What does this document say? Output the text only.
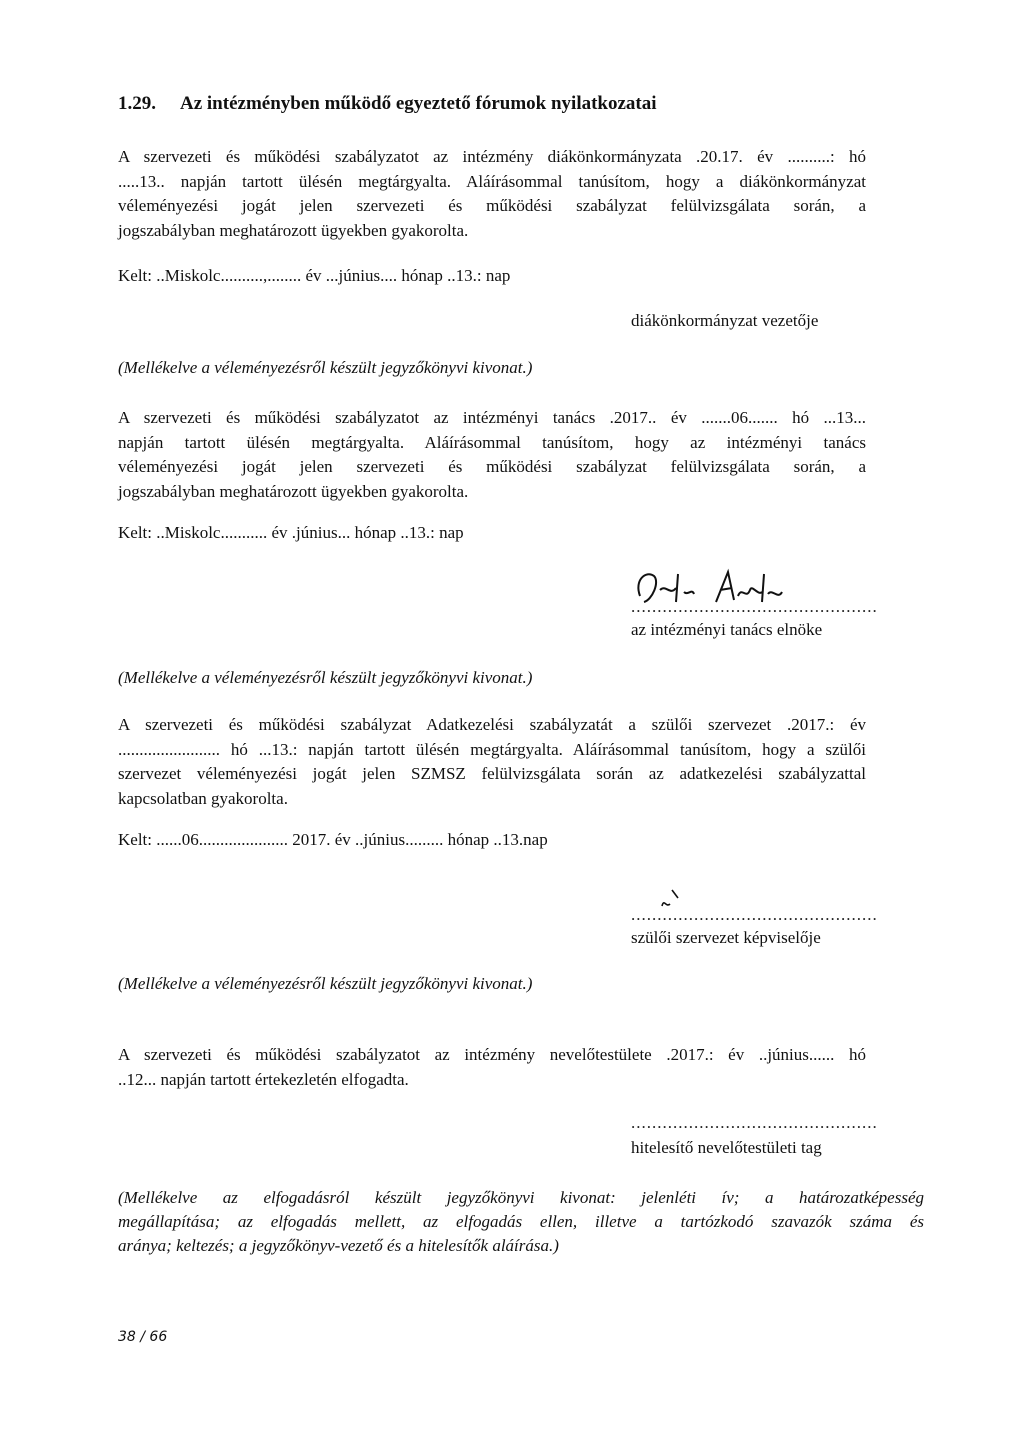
1.29. Az intézményben működő egyeztető fórumok nyilatkozatai
A szervezeti és működési szabályzatot az intézmény diákönkormányzata .20.17. év ..........: hó
.....13.. napján tartott ülésén megtárgyalta. Aláírásommal tanúsítom, hogy a diákönkormányzat
véleményezési jogát jelen szervezeti és működési szabályzat felülvizsgálata során, a
jogszabályban meghatározott ügyekben gyakorolta.
Kelt: ..Miskolc..........,........ év ...június.... hónap ..13.: nap
diákönkormányzat vezetője
(Mellékelve a véleményezésről készült jegyzőkönyvi kivonat.)
A szervezeti és működési szabályzatot az intézményi tanács .2017.. év .......06....... hó ...13...
napján tartott ülésén megtárgyalta. Aláírásommal tanúsítom, hogy az intézményi tanács
véleményezési jogát jelen szervezeti és működési szabályzat felülvizsgálata során, a
jogszabályban meghatározott ügyekben gyakorolta.
Kelt: ..Miskolc........... év .június... hónap ..13.: nap
...............................................
az intézményi tanács elnöke
(Mellékelve a véleményezésről készült jegyzőkönyvi kivonat.)
A szervezeti és működési szabályzat Adatkezelési szabályzatát a szülői szervezet .2017.: év
........................ hó ...13.: napján tartott ülésén megtárgyalta. Aláírásommal tanúsítom, hogy a szülői
szervezet véleményezési jogát jelen SZMSZ felülvizsgálata során az adatkezelési szabályzattal
kapcsolatban gyakorolta.
Kelt: ......06..................... 2017. év ..június......... hónap ..13.nap
...............................................
szülői szervezet képviselője
(Mellékelve a véleményezésről készült jegyzőkönyvi kivonat.)
A szervezeti és működési szabályzatot az intézmény nevelőtestülete .2017.: év ..június...... hó
..12... napján tartott értekezletén elfogadta.
...............................................
hitelesítő nevelőtestületi tag
(Mellékelve az elfogadásról készült jegyzőkönyvi kivonat: jelenléti ív; a határozatképesség
megállapítása; az elfogadás mellett, az elfogadás ellen, illetve a tartózkodó szavazók száma és
aránya; keltezés; a jegyzőkönyv-vezető és a hitelesítők aláírása.)
38 / 66
